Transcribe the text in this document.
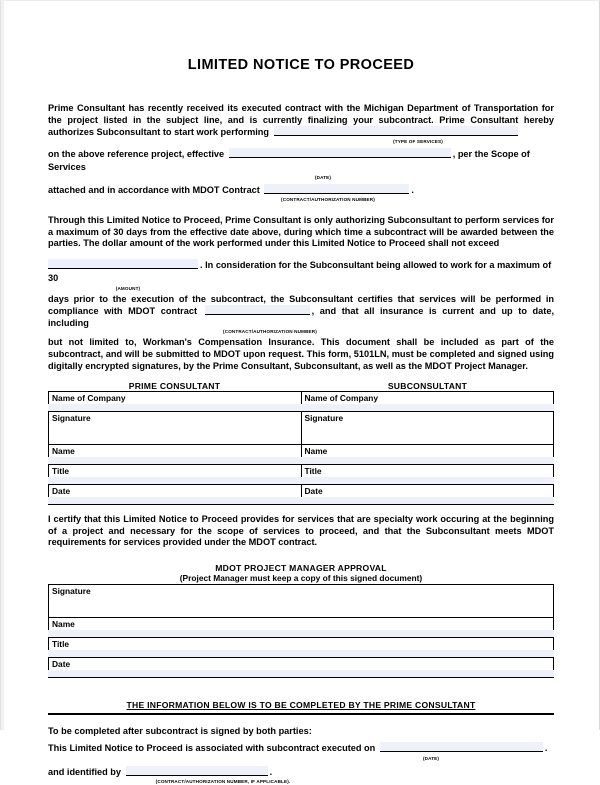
LIMITED NOTICE TO PROCEED
Prime Consultant has recently received its executed contract with the Michigan Department of Transportation for the project listed in the subject line, and is currently finalizing your subcontract. Prime Consultant hereby authorizes Subconsultant to start work performing
(TYPE OF SERVICES)
on the above reference project, effective	, per the Scope of Services
(DATE)
attached and in accordance with MDOT Contract	.
(CONTRACT/AUTHORIZATION NUMBER)
Through this Limited Notice to Proceed, Prime Consultant is only authorizing Subconsultant to perform services for a maximum of 30 days from the effective date above, during which time a subcontract will be awarded between the parties. The dollar amount of the work performed under this Limited Notice to Proceed shall not exceed
. In consideration for the Subconsultant being allowed to work for a maximum of 30
(AMOUNT)
days prior to the execution of the subcontract, the Subconsultant certifies that services will be performed in compliance with MDOT contract	, and that all insurance is current and up to date, including
(CONTRACT/AUTHORIZATION NUMBER)
but not limited to, Workman's Compensation Insurance. This document shall be included as part of the subcontract, and will be submitted to MDOT upon request. This form, 5101LN, must be completed and signed using digitally encrypted signatures, by the Prime Consultant, Subconsultant, as well as the MDOT Project Manager.
PRIME CONSULTANT	SUBCONSULTANT
Name of Company	Name of Company

Signature	Signature
Name	Name

Title	Title

Date	Date
I certify that this Limited Notice to Proceed provides for services that are specialty work occuring at the beginning of a project and necessary for the scope of services to proceed, and that the Subconsultant meets MDOT requirements for services provided under the MDOT contract.
MDOT PROJECT MANAGER APPROVAL
(Project Manager must keep a copy of this signed document)
Signature
Name

Title

Date
THE INFORMATION BELOW IS TO BE COMPLETED BY THE PRIME CONSULTANT
To be completed after subcontract is signed by both parties:
This Limited Notice to Proceed is associated with subcontract executed on	.
(DATE)
and identified by	.
(CONTRACT/AUTHORIZATION NUMBER, IF APPLICABLE).
